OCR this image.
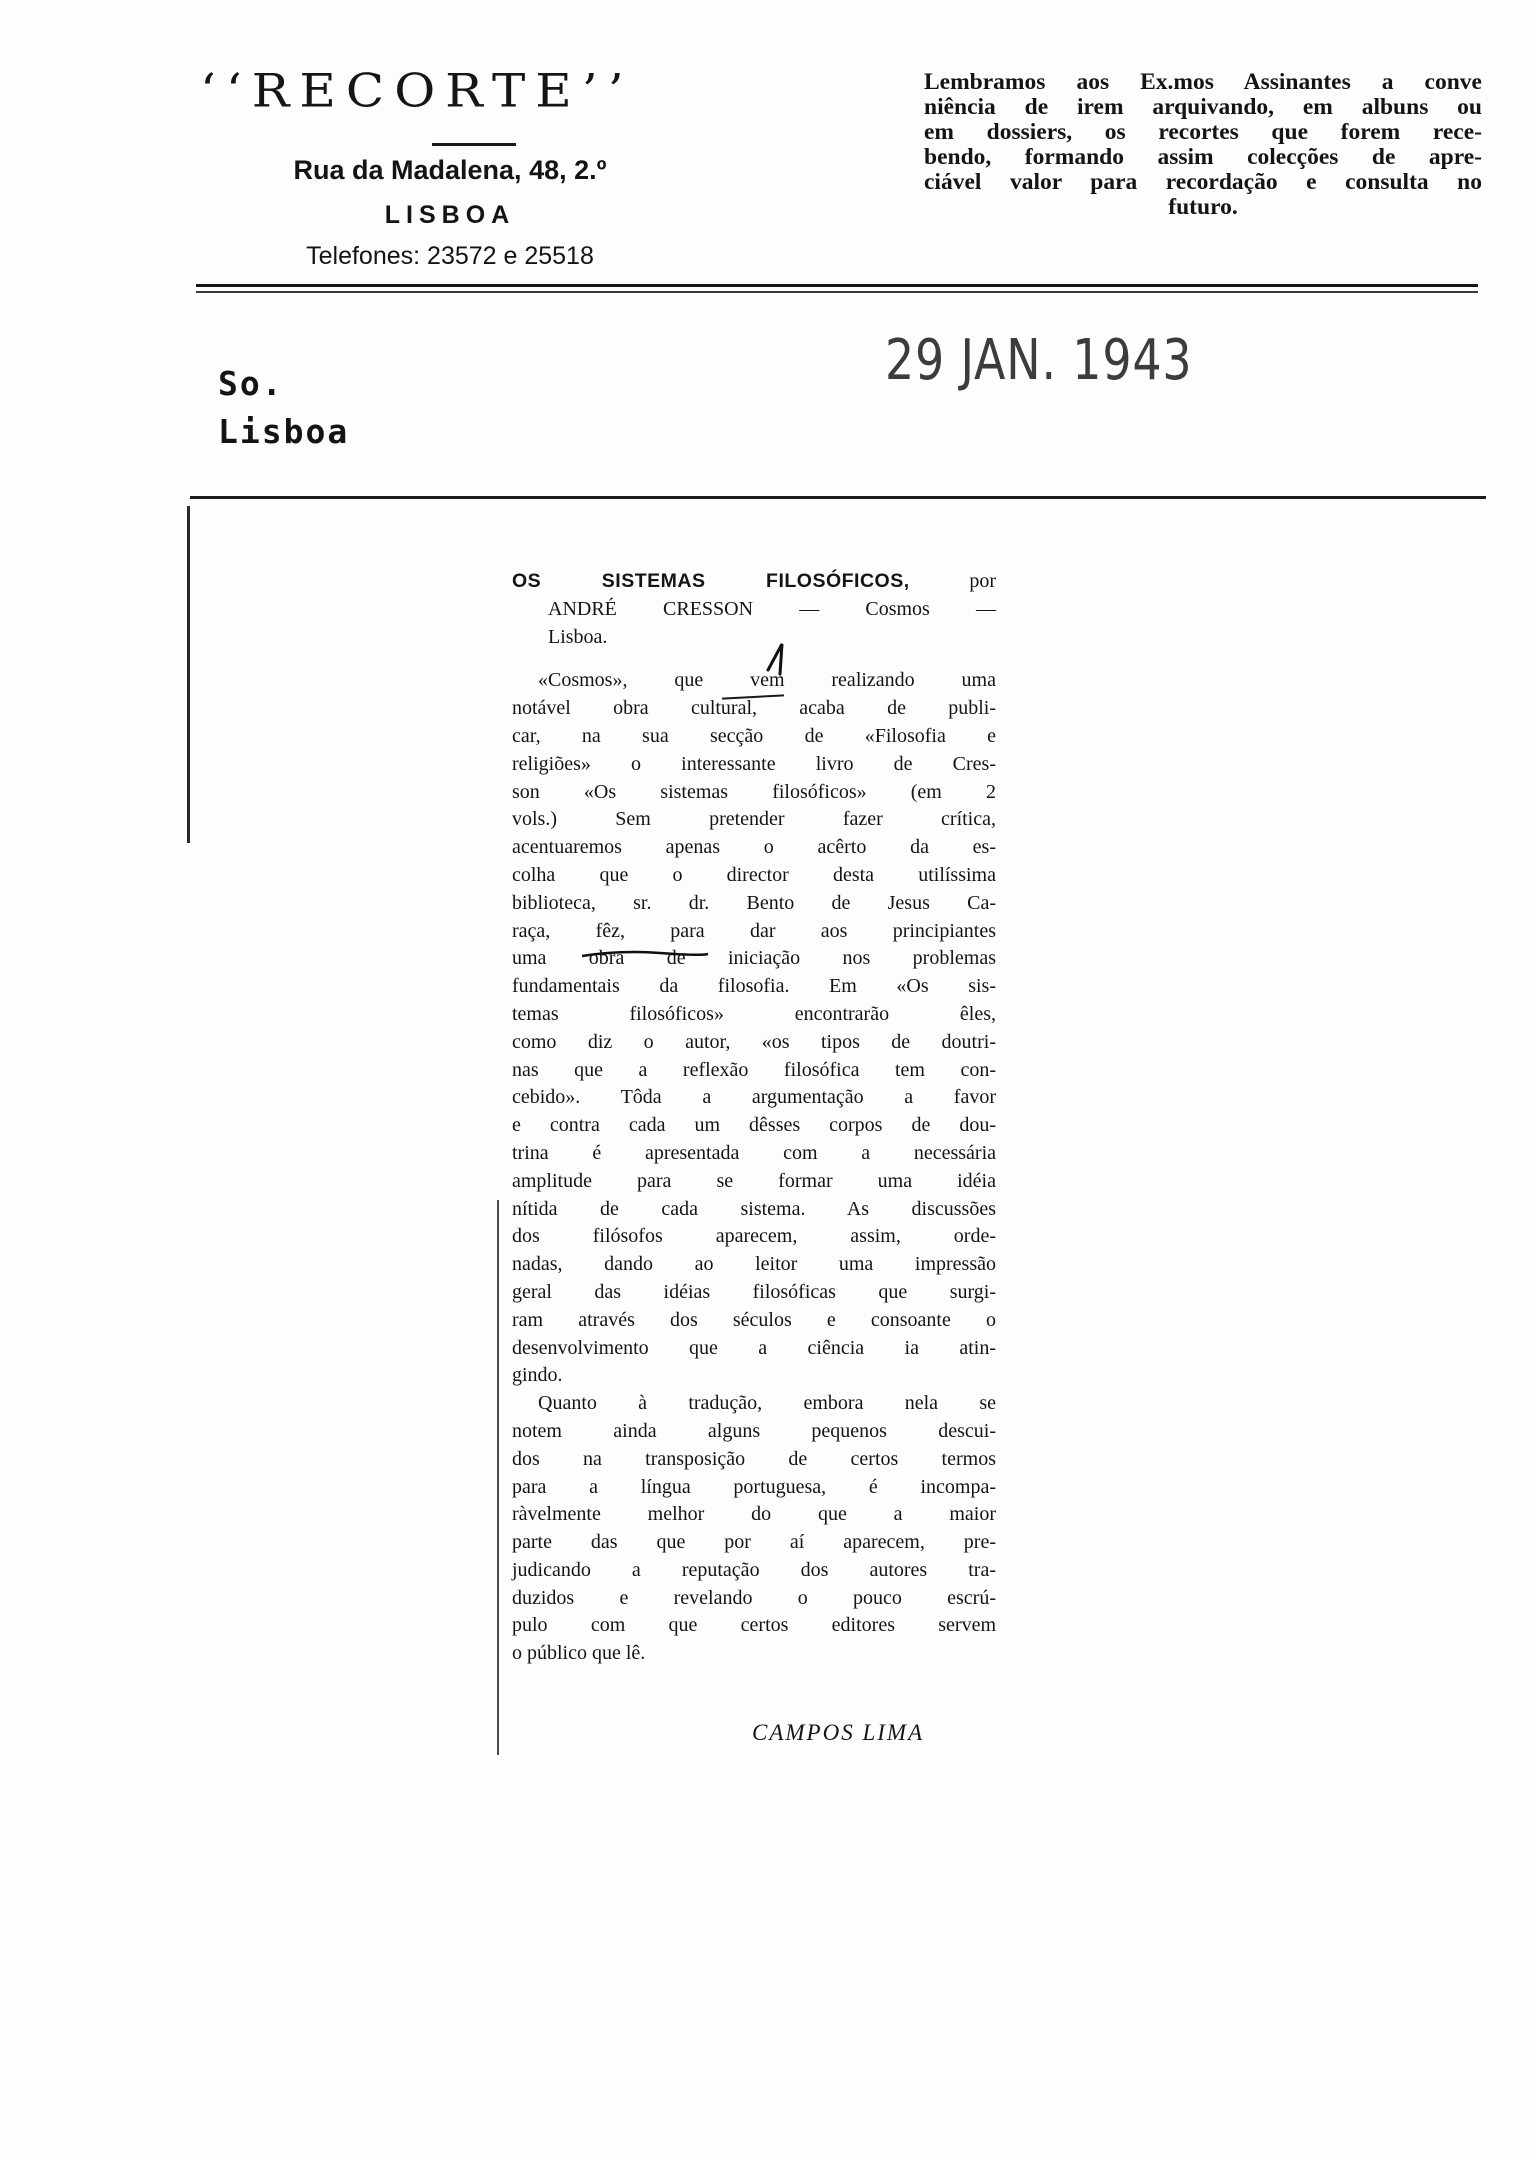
‘‘RECORTE’’
Rua da Madalena, 48, 2.º
LISBOA
Telefones: 23572 e 25518
Lembramos aos Ex.mos Assinantes a conve
niência de irem arquivando, em albuns ou
em dossiers, os recortes que forem rece-
bendo, formando assim colecções de apre-
ciável valor para recordação e consulta no
futuro.
29 JAN. 1943
So.
Lisboa
OS SISTEMAS FILOSÓFICOS,	por
ANDRÉ CRESSON — Cosmos —
Lisboa.
«Cosmos», que vem realizando uma
notável obra cultural, acaba de publi-
car, na sua secção de «Filosofia e
religiões» o interessante livro de Cres-
son «Os sistemas filosóficos» (em 2
vols.) Sem pretender fazer crítica,
acentuaremos apenas o acêrto da es-
colha que o director desta utilíssima
biblioteca, sr. dr. Bento de Jesus Ca-
raça, fêz, para dar aos principiantes
uma obra de iniciação nos problemas
fundamentais da filosofia. Em «Os sis-
temas filosóficos» encontrarão êles,
como diz o autor, «os tipos de doutri-
nas que a reflexão filosófica tem con-
cebido». Tôda a argumentação a favor
e contra cada um dêsses corpos de dou-
trina é apresentada com a necessária
amplitude para se formar uma idéia
nítida de cada sistema. As discussões
dos filósofos aparecem, assim, orde-
nadas, dando ao leitor uma impressão
geral das idéias filosóficas que surgi-
ram através dos séculos e consoante o
desenvolvimento que a ciência ia atin-
gindo.
Quanto à tradução, embora nela se
notem ainda alguns pequenos descui-
dos na transposição de certos termos
para a língua portuguesa, é incompa-
ràvelmente melhor do que a maior
parte das que por aí aparecem, pre-
judicando a reputação dos autores tra-
duzidos e revelando o pouco escrú-
pulo com que certos editores servem
o público que lê.
CAMPOS LIMA
